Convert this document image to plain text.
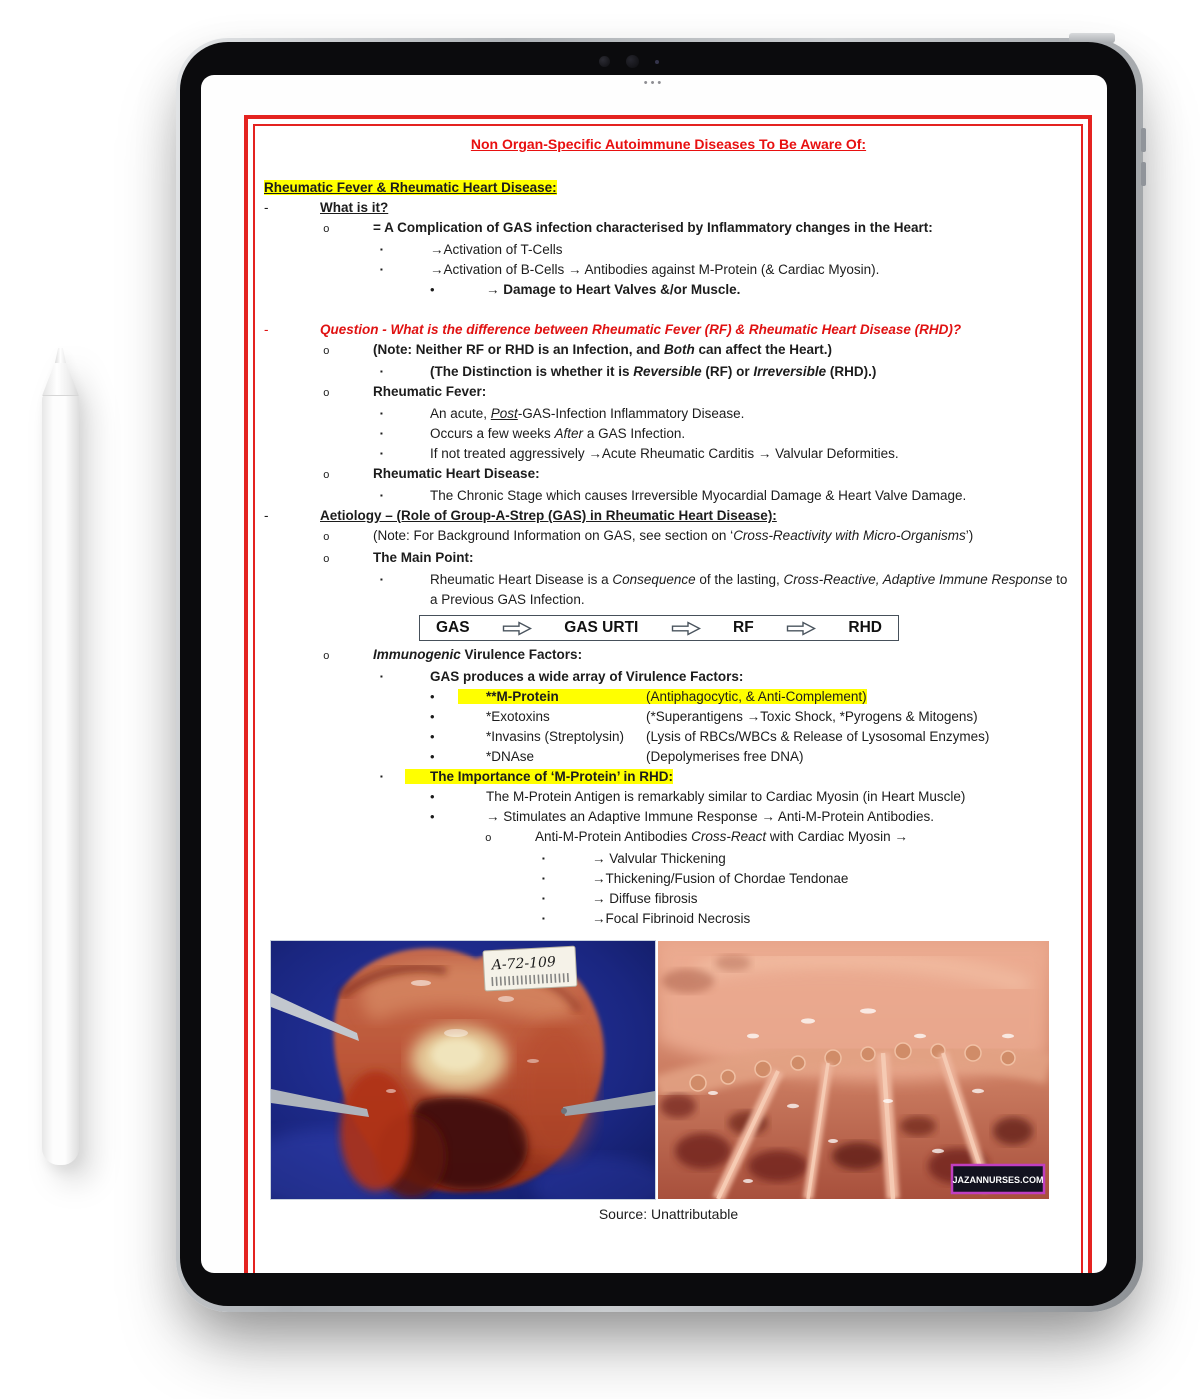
•••
Non Organ-Specific Autoimmune Diseases To Be Aware Of:
Rheumatic Fever & Rheumatic Heart Disease:
-	What is it?
o	= A Complication of GAS infection characterised by Inflammatory changes in the Heart:
▪	→Activation of T-Cells
▪	→Activation of B-Cells → Antibodies against M-Protein (& Cardiac Myosin).
•	→ Damage to Heart Valves &/or Muscle.
-	Question - What is the difference between Rheumatic Fever (RF) & Rheumatic Heart Disease (RHD)?
o	(Note: Neither RF or RHD is an Infection, and Both can affect the Heart.)
▪	(The Distinction is whether it is Reversible (RF) or Irreversible (RHD).)
o	Rheumatic Fever:
▪	An acute, Post-GAS-Infection Inflammatory Disease.
▪	Occurs a few weeks After a GAS Infection.
▪	If not treated aggressively →Acute Rheumatic Carditis → Valvular Deformities.
o	Rheumatic Heart Disease:
▪	The Chronic Stage which causes Irreversible Myocardial Damage & Heart Valve Damage.
-	Aetiology – (Role of Group-A-Strep (GAS) in Rheumatic Heart Disease):
o	(Note: For Background Information on GAS, see section on ‘Cross-Reactivity with Micro-Organisms’)
o	The Main Point:
▪	Rheumatic Heart Disease is a Consequence of the lasting, Cross-Reactive, Adaptive Immune Response to a Previous GAS Infection.
GAS	GAS URTI	RF	RHD
o	Immunogenic Virulence Factors:
▪	GAS produces a wide array of Virulence Factors:
•	**M-Protein	(Antiphagocytic, & Anti-Complement)
•	*Exotoxins	(*Superantigens →Toxic Shock, *Pyrogens & Mitogens)
•	*Invasins (Streptolysin) (Lysis of RBCs/WBCs & Release of Lysosomal Enzymes)
•	*DNAse	(Depolymerises free DNA)
▪	The Importance of ‘M-Protein’ in RHD:
•	The M-Protein Antigen is remarkably similar to Cardiac Myosin (in Heart Muscle)
•	→ Stimulates an Adaptive Immune Response → Anti-M-Protein Antibodies.
o	Anti-M-Protein Antibodies Cross-React with Cardiac Myosin →
▪	→ Valvular Thickening
▪	→Thickening/Fusion of Chordae Tendonae
▪	→ Diffuse fibrosis
▪	→Focal Fibrinoid Necrosis
A-72-109
JAZANNURSES.COM
Source: Unattributable
